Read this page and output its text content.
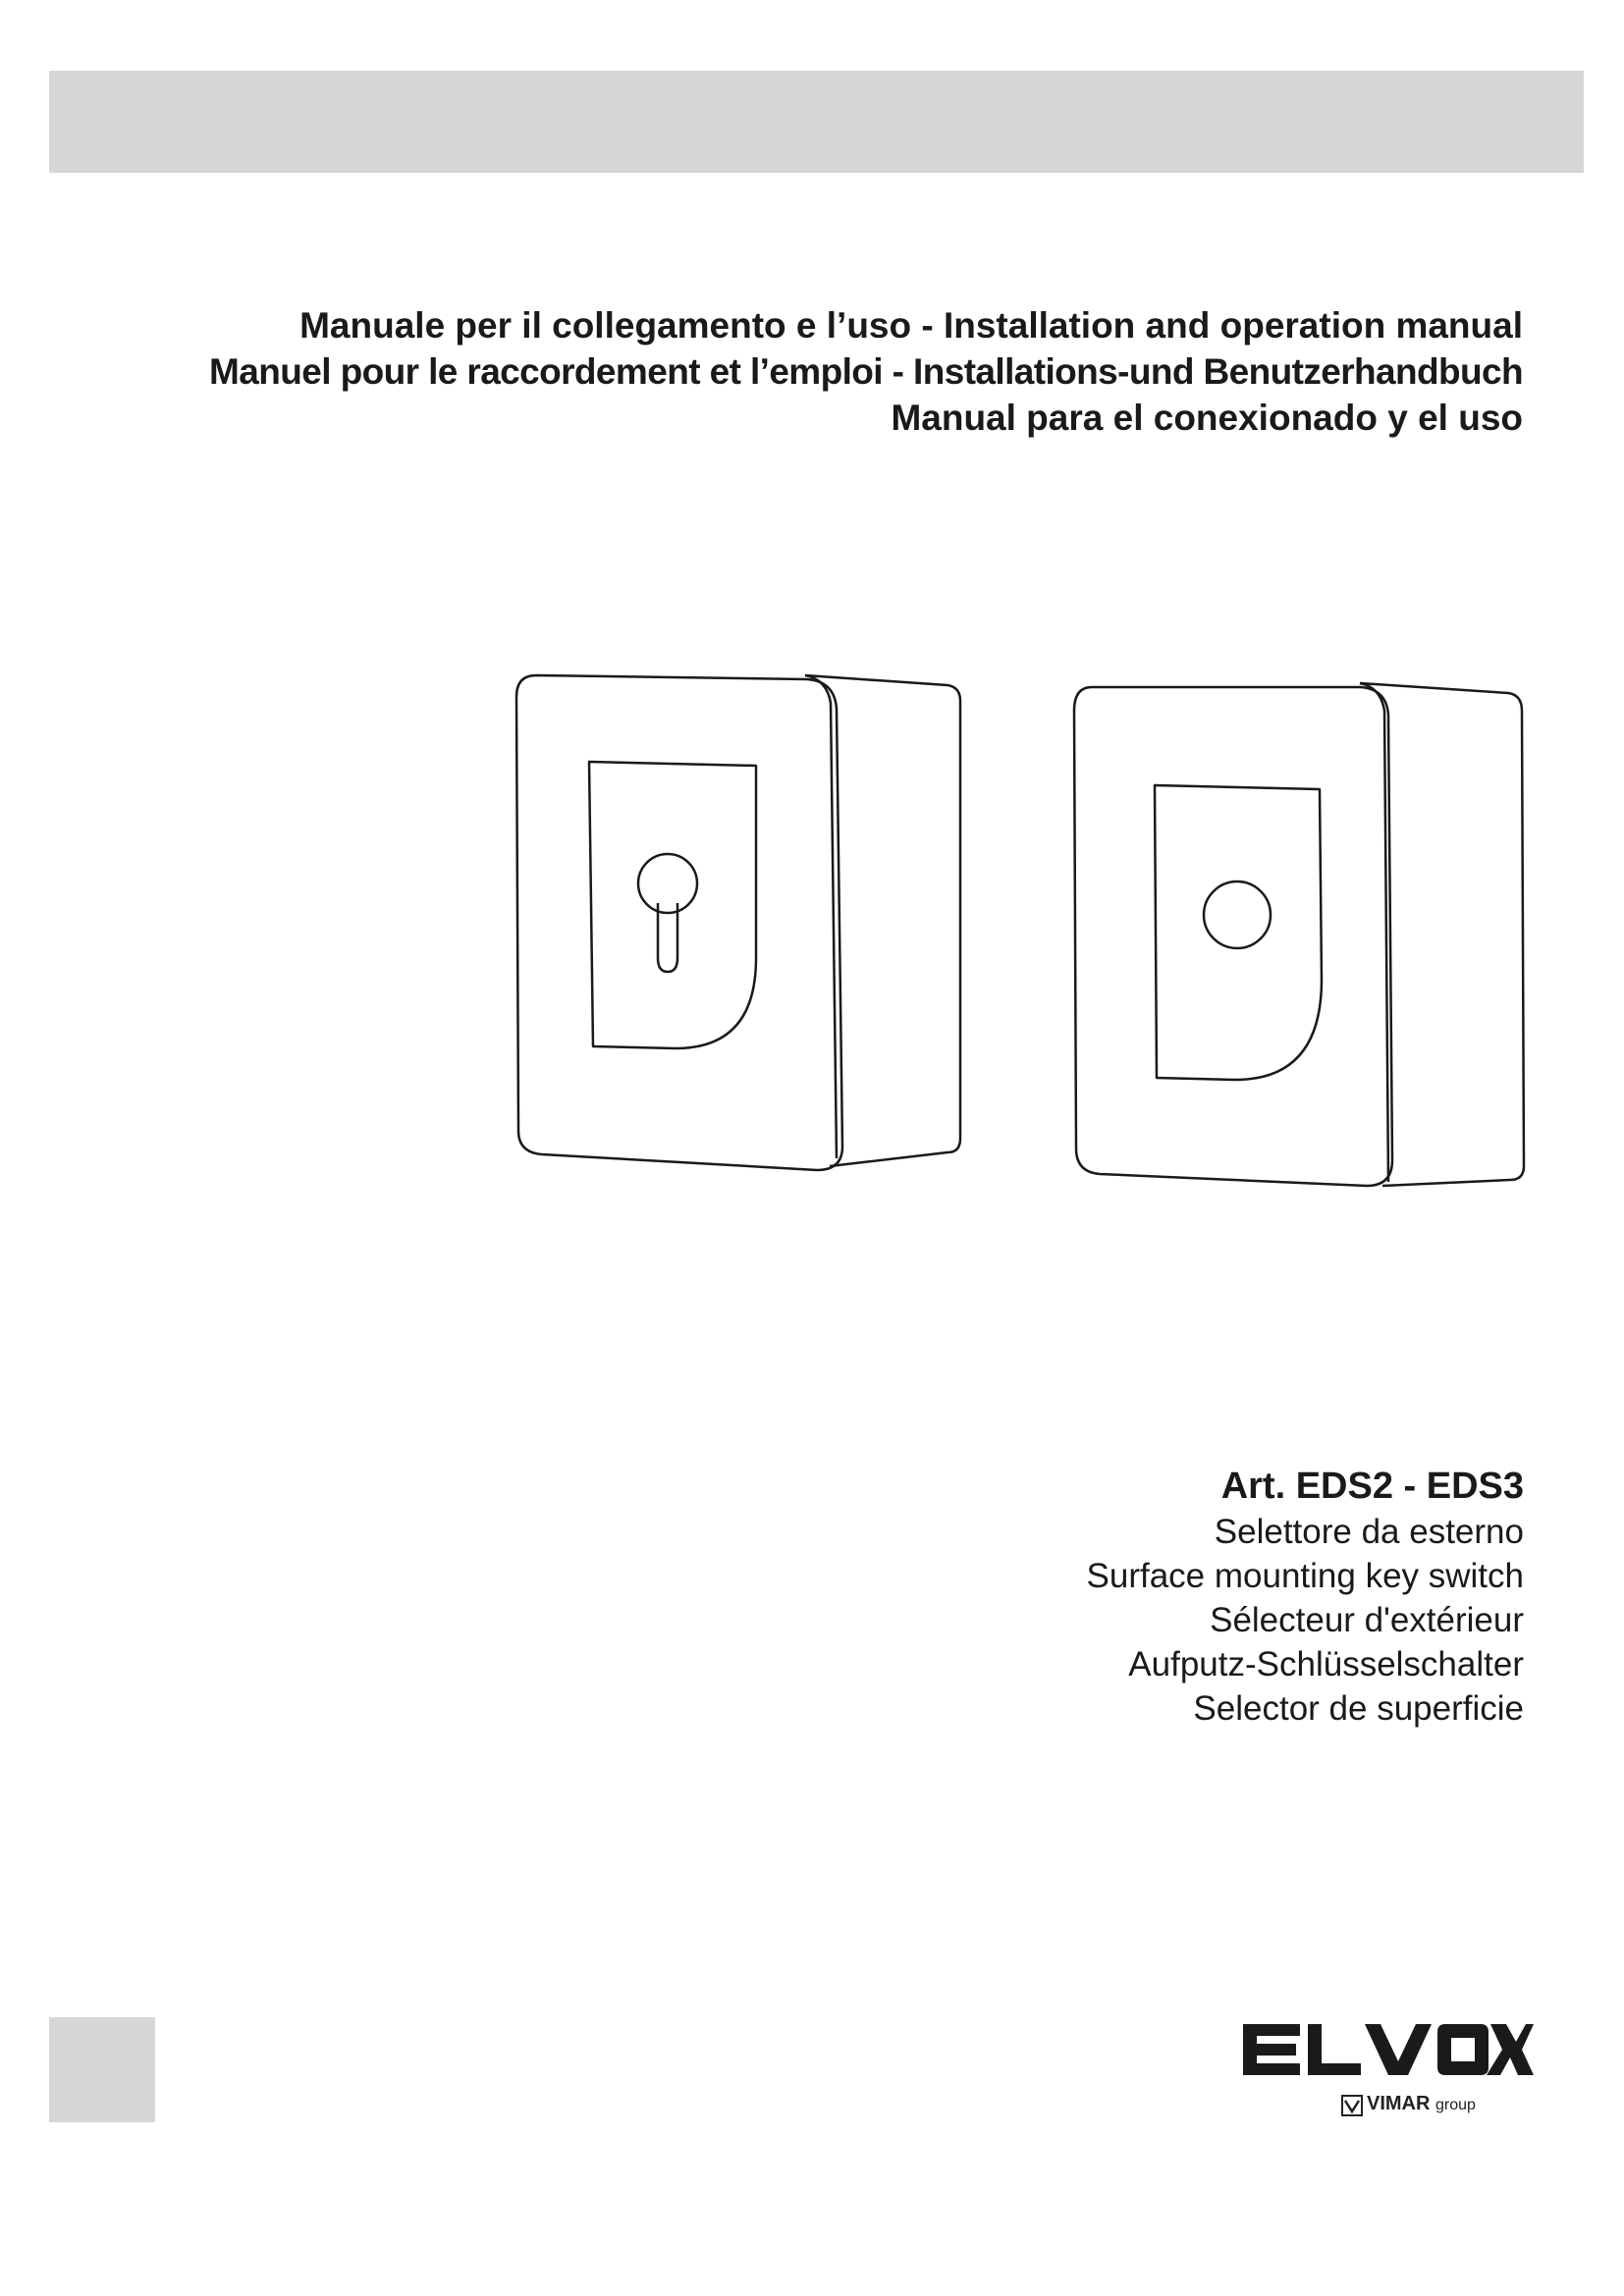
Manuale per il collegamento e l’uso - Installation and operation manual
Manuel pour le raccordement et l’emploi - Installations-und Benutzerhandbuch
Manual para el conexionado y el uso
Art. EDS2 - EDS3
Selettore da esterno
Surface mounting key switch
Sélecteur d'extérieur
Aufputz-Schlüsselschalter
Selector de superficie
VIMAR group
